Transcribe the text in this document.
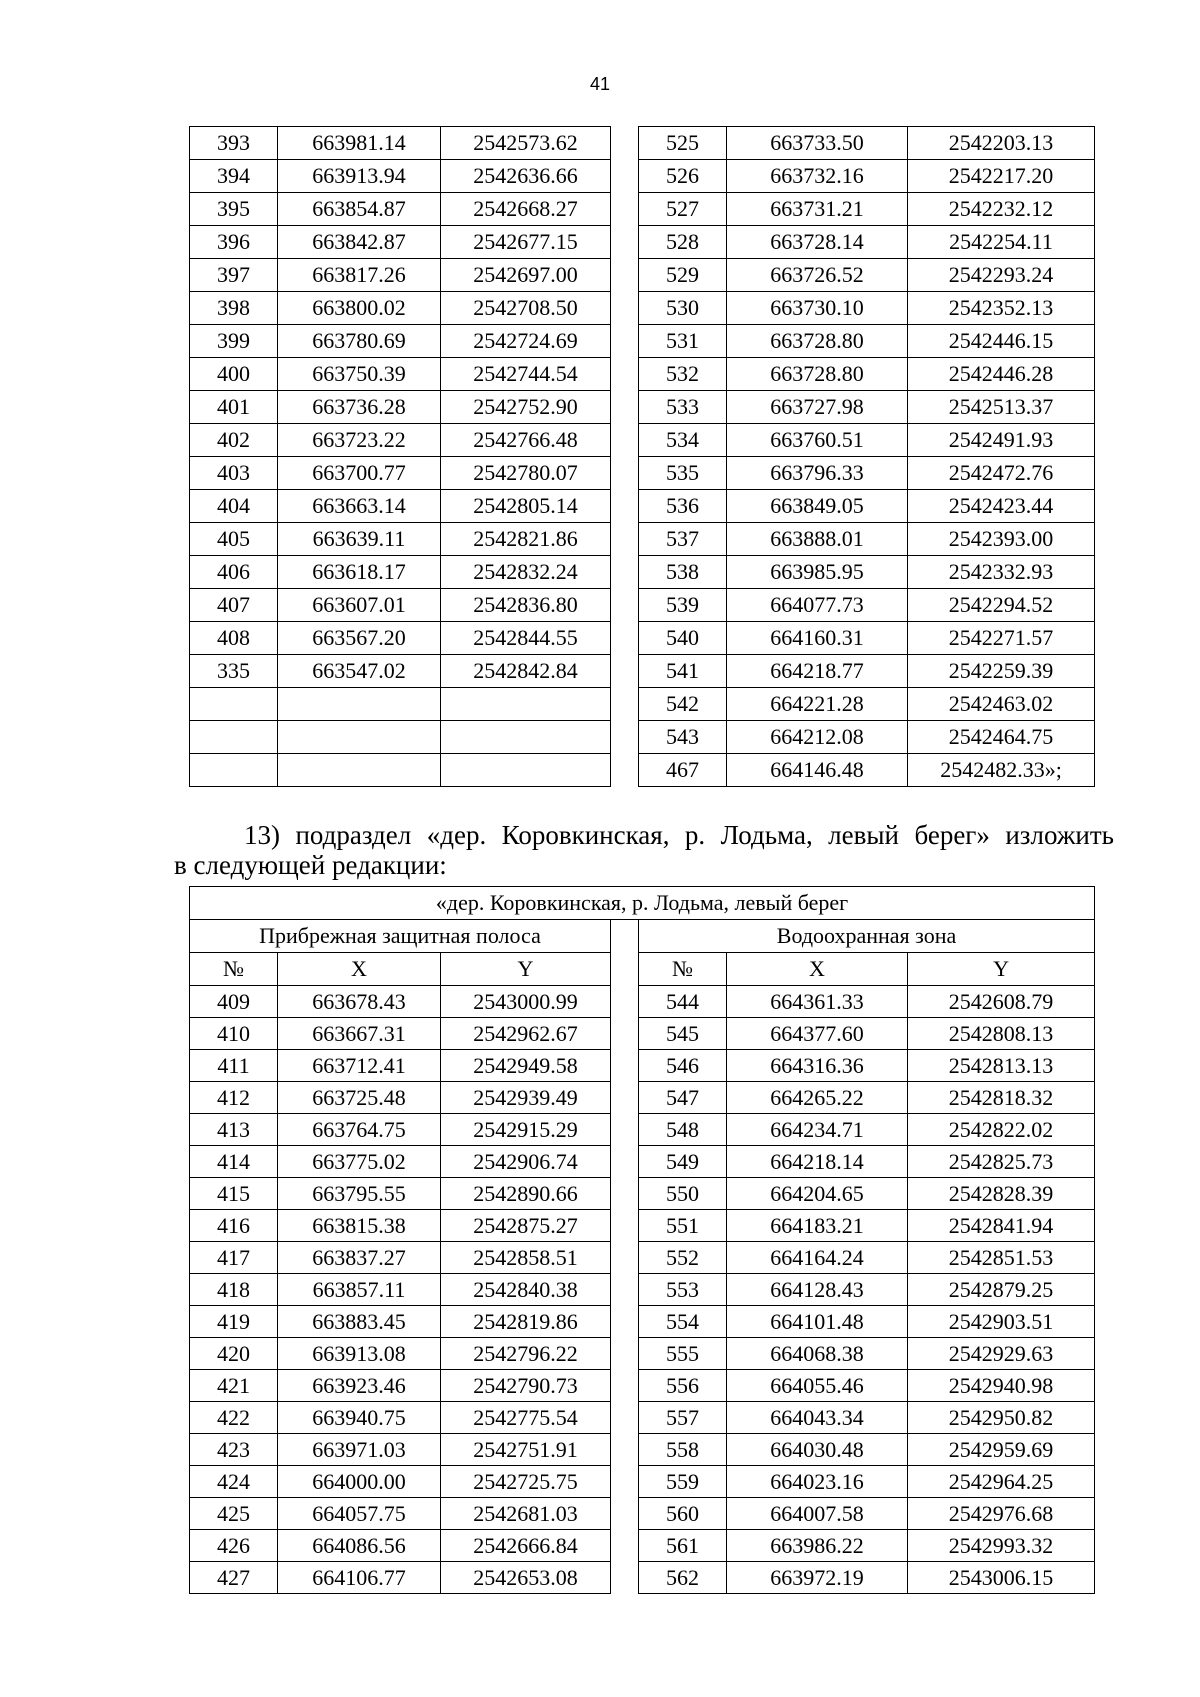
41
393	663981.14	2542573.62		525	663733.50	2542203.13
394	663913.94	2542636.66		526	663732.16	2542217.20
395	663854.87	2542668.27		527	663731.21	2542232.12
396	663842.87	2542677.15		528	663728.14	2542254.11
397	663817.26	2542697.00		529	663726.52	2542293.24
398	663800.02	2542708.50		530	663730.10	2542352.13
399	663780.69	2542724.69		531	663728.80	2542446.15
400	663750.39	2542744.54		532	663728.80	2542446.28
401	663736.28	2542752.90		533	663727.98	2542513.37
402	663723.22	2542766.48		534	663760.51	2542491.93
403	663700.77	2542780.07		535	663796.33	2542472.76
404	663663.14	2542805.14		536	663849.05	2542423.44
405	663639.11	2542821.86		537	663888.01	2542393.00
406	663618.17	2542832.24		538	663985.95	2542332.93
407	663607.01	2542836.80		539	664077.73	2542294.52
408	663567.20	2542844.55		540	664160.31	2542271.57
335	663547.02	2542842.84		541	664218.77	2542259.39
				542	664221.28	2542463.02
				543	664212.08	2542464.75
				467	664146.48	2542482.33»;
13) подраздел «дер. Коровкинская, р. Лодьма, левый берег» изложить
в следующей редакции:
«дер. Коровкинская, р. Лодьма, левый берег						
Прибрежная защитная полоса				Водоохранная зона		
№	X	Y		№	X	Y
409	663678.43	2543000.99		544	664361.33	2542608.79
410	663667.31	2542962.67		545	664377.60	2542808.13
411	663712.41	2542949.58		546	664316.36	2542813.13
412	663725.48	2542939.49		547	664265.22	2542818.32
413	663764.75	2542915.29		548	664234.71	2542822.02
414	663775.02	2542906.74		549	664218.14	2542825.73
415	663795.55	2542890.66		550	664204.65	2542828.39
416	663815.38	2542875.27		551	664183.21	2542841.94
417	663837.27	2542858.51		552	664164.24	2542851.53
418	663857.11	2542840.38		553	664128.43	2542879.25
419	663883.45	2542819.86		554	664101.48	2542903.51
420	663913.08	2542796.22		555	664068.38	2542929.63
421	663923.46	2542790.73		556	664055.46	2542940.98
422	663940.75	2542775.54		557	664043.34	2542950.82
423	663971.03	2542751.91		558	664030.48	2542959.69
424	664000.00	2542725.75		559	664023.16	2542964.25
425	664057.75	2542681.03		560	664007.58	2542976.68
426	664086.56	2542666.84		561	663986.22	2542993.32
427	664106.77	2542653.08		562	663972.19	2543006.15
